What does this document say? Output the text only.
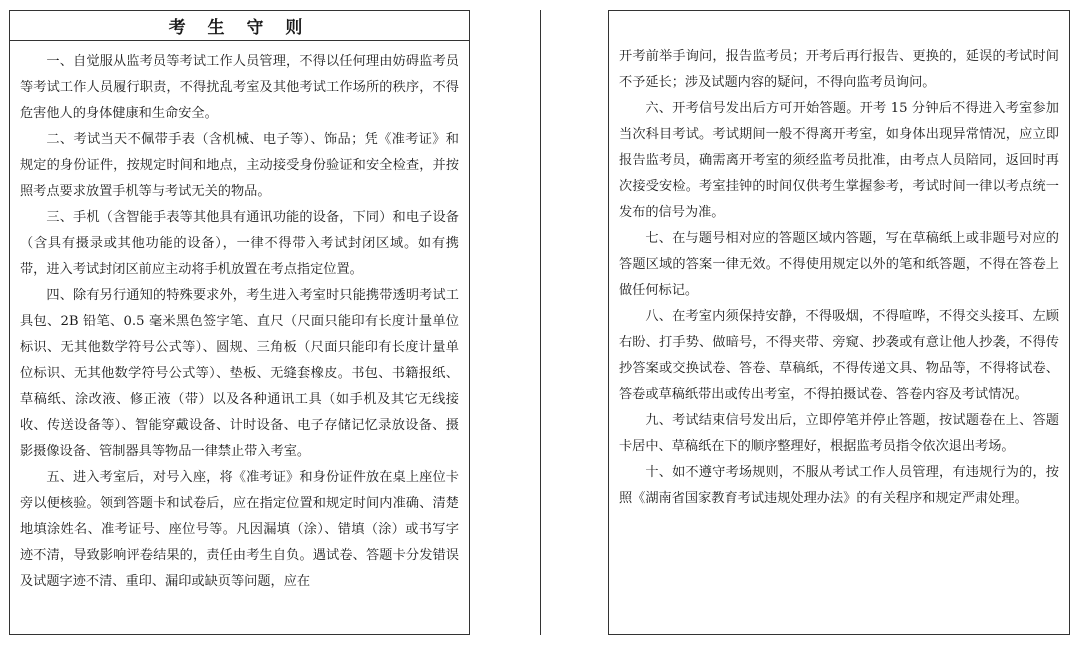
考 生 守 则

一、自觉服从监考员等考试工作人员管理，不得以任何理由妨碍监考员等考试工作人员履行职责，不得扰乱考室及其他考试工作场所的秩序，不得危害他人的身体健康和生命安全。

二、考试当天不佩带手表（含机械、电子等）、饰品；凭《准考证》和规定的身份证件，按规定时间和地点，主动接受身份验证和安全检查，并按照考点要求放置手机等与考试无关的物品。

三、手机（含智能手表等其他具有通讯功能的设备，下同）和电子设备（含具有摄录或其他功能的设备），一律不得带入考试封闭区域。如有携带，进入考试封闭区前应主动将手机放置在考点指定位置。

四、除有另行通知的特殊要求外，考生进入考室时只能携带透明考试工具包、2B 铅笔、0.5 毫米黑色签字笔、直尺（尺面只能印有长度计量单位标识、无其他数学符号公式等）、圆规、三角板（尺面只能印有长度计量单位标识、无其他数学符号公式等）、垫板、无缝套橡皮。书包、书籍报纸、草稿纸、涂改液、修正液（带）以及各种通讯工具（如手机及其它无线接收、传送设备等）、智能穿戴设备、计时设备、电子存储记忆录放设备、摄影摄像设备、管制器具等物品一律禁止带入考室。

五、进入考室后，对号入座，将《准考证》和身份证件放在桌上座位卡旁以便核验。领到答题卡和试卷后，应在指定位置和规定时间内准确、清楚地填涂姓名、准考证号、座位号等。凡因漏填（涂）、错填（涂）或书写字迹不清，导致影响评卷结果的，责任由考生自负。遇试卷、答题卡分发错误及试题字迹不清、重印、漏印或缺页等问题，应在

开考前举手询问，报告监考员；开考后再行报告、更换的，延误的考试时间不予延长；涉及试题内容的疑问，不得向监考员询问。

六、开考信号发出后方可开始答题。开考 15 分钟后不得进入考室参加当次科目考试。考试期间一般不得离开考室，如身体出现异常情况，应立即报告监考员，确需离开考室的须经监考员批准，由考点人员陪同，返回时再次接受安检。考室挂钟的时间仅供考生掌握参考，考试时间一律以考点统一发布的信号为准。

七、在与题号相对应的答题区域内答题，写在草稿纸上或非题号对应的答题区域的答案一律无效。不得使用规定以外的笔和纸答题，不得在答卷上做任何标记。

八、在考室内须保持安静，不得吸烟，不得喧哗，不得交头接耳、左顾右盼、打手势、做暗号，不得夹带、旁窥、抄袭或有意让他人抄袭，不得传抄答案或交换试卷、答卷、草稿纸，不得传递文具、物品等，不得将试卷、答卷或草稿纸带出或传出考室，不得拍摄试卷、答卷内容及考试情况。

九、考试结束信号发出后，立即停笔并停止答题，按试题卷在上、答题卡居中、草稿纸在下的顺序整理好，根据监考员指令依次退出考场。

十、如不遵守考场规则，不服从考试工作人员管理，有违规行为的，按照《湖南省国家教育考试违规处理办法》的有关程序和规定严肃处理。
